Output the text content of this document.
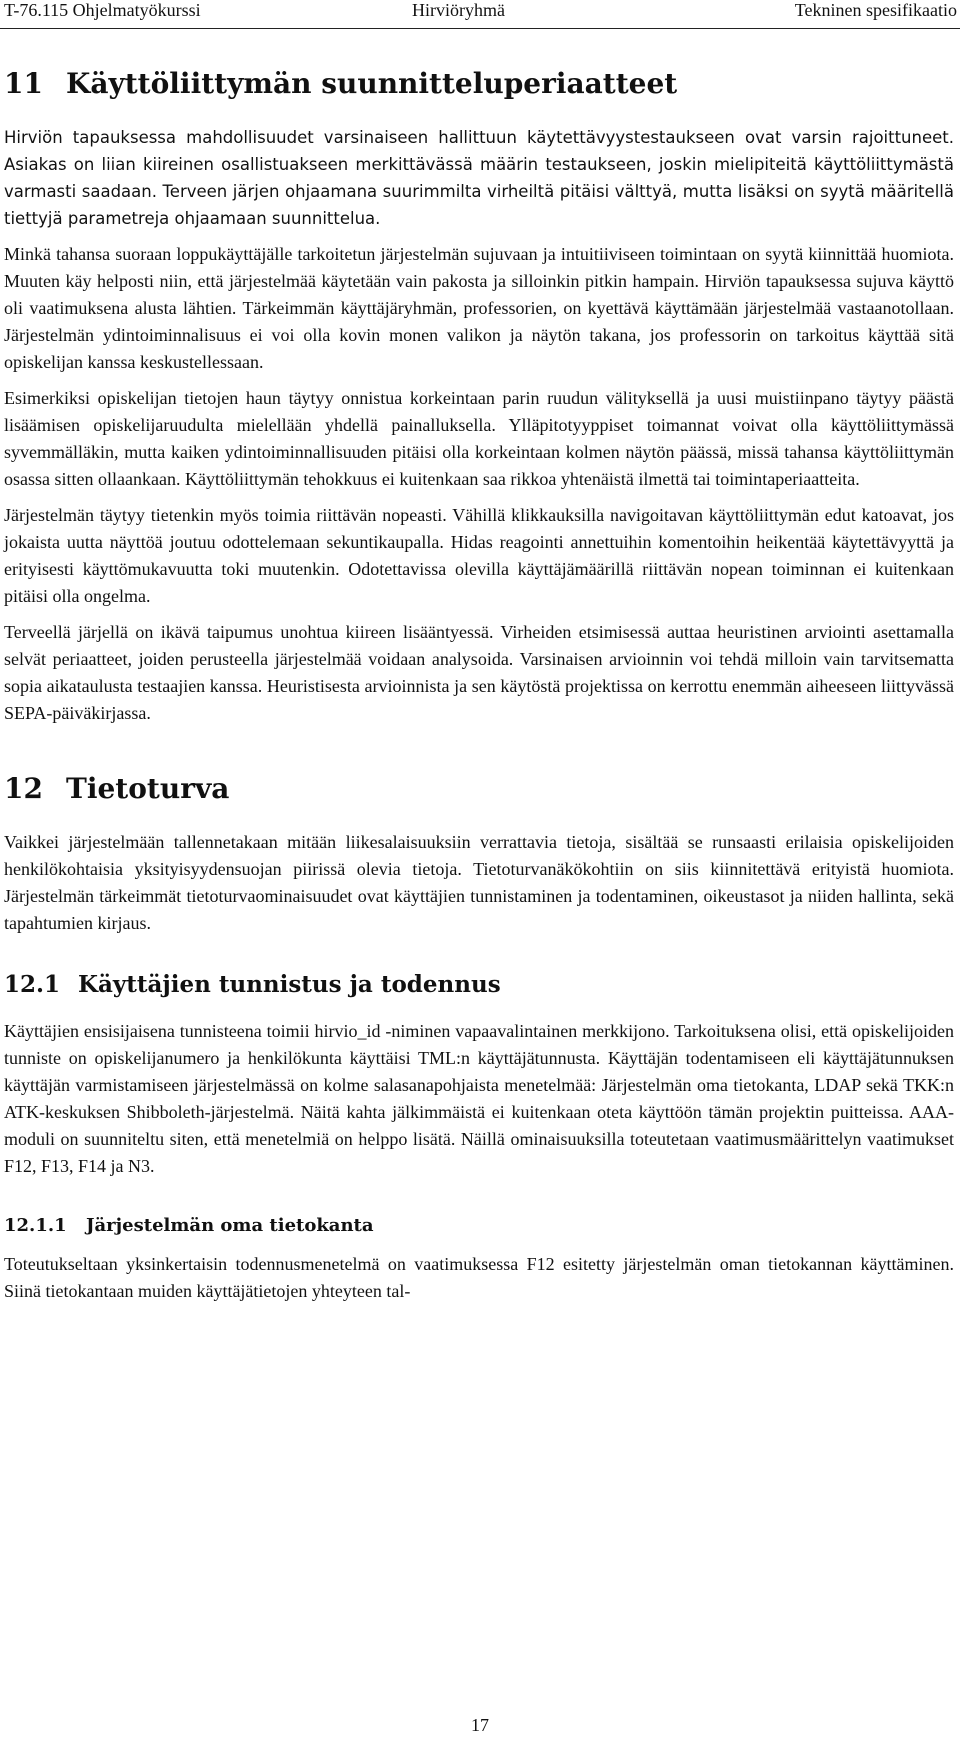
T-76.115 Ohjelmatyökurssi	Hirviöryhmä	Tekninen spesifikaatio
11 Käyttöliittymän suunnitteluperiaatteet

Hirviön tapauksessa mahdollisuudet varsinaiseen hallittuun käytettävyystestaukseen ovat varsin rajoittuneet. Asiakas on liian kiireinen osallistuakseen merkittävässä määrin testaukseen, joskin mielipiteitä käyttöliittymästä varmasti saadaan. Terveen järjen ohjaamana suurimmilta virheiltä pitäisi välttyä, mutta lisäksi on syytä määritellä tiettyjä parametreja ohjaamaan suunnittelua.

Minkä tahansa suoraan loppukäyttäjälle tarkoitetun järjestelmän sujuvaan ja intuitiiviseen toimintaan on syytä kiinnittää huomiota. Muuten käy helposti niin, että järjestelmää käytetään vain pakosta ja silloinkin pitkin hampain. Hirviön tapauksessa sujuva käyttö oli vaatimuksena alusta lähtien. Tärkeimmän käyttäjäryhmän, professorien, on kyettävä käyttämään järjestelmää vastaanotollaan. Järjestelmän ydintoiminnalisuus ei voi olla kovin monen valikon ja näytön takana, jos professorin on tarkoitus käyttää sitä opiskelijan kanssa keskustellessaan.

Esimerkiksi opiskelijan tietojen haun täytyy onnistua korkeintaan parin ruudun välityksellä ja uusi muistiinpano täytyy päästä lisäämisen opiskelijaruudulta mielellään yhdellä painalluksella. Ylläpitotyyppiset toimannat voivat olla käyttöliittymässä syvemmälläkin, mutta kaiken ydintoiminnallisuuden pitäisi olla korkeintaan kolmen näytön päässä, missä tahansa käyttöliittymän osassa sitten ollaankaan. Käyttöliittymän tehokkuus ei kuitenkaan saa rikkoa yhtenäistä ilmettä tai toimintaperiaatteita.

Järjestelmän täytyy tietenkin myös toimia riittävän nopeasti. Vähillä klikkauksilla navigoitavan käyttöliittymän edut katoavat, jos jokaista uutta näyttöä joutuu odottelemaan sekuntikaupalla. Hidas reagointi annettuihin komentoihin heikentää käytettävyyttä ja erityisesti käyttömukavuutta toki muutenkin. Odotettavissa olevilla käyttäjämäärillä riittävän nopean toiminnan ei kuitenkaan pitäisi olla ongelma.

Terveellä järjellä on ikävä taipumus unohtua kiireen lisääntyessä. Virheiden etsimisessä auttaa heuristinen arviointi asettamalla selvät periaatteet, joiden perusteella järjestelmää voidaan analysoida. Varsinaisen arvioinnin voi tehdä milloin vain tarvitsematta sopia aikataulusta testaajien kanssa. Heuristisesta arvioinnista ja sen käytöstä projektissa on kerrottu enemmän aiheeseen liittyvässä SEPA-päiväkirjassa.

12 Tietoturva

Vaikkei järjestelmään tallennetakaan mitään liikesalaisuuksiin verrattavia tietoja, sisältää se runsaasti erilaisia opiskelijoiden henkilökohtaisia yksityisyydensuojan piirissä olevia tietoja. Tietoturvanäkökohtiin on siis kiinnitettävä erityistä huomiota. Järjestelmän tärkeimmät tietoturvaominaisuudet ovat käyttäjien tunnistaminen ja todentaminen, oikeustasot ja niiden hallinta, sekä tapahtumien kirjaus.

12.1 Käyttäjien tunnistus ja todennus

Käyttäjien ensisijaisena tunnisteena toimii hirvio_id -niminen vapaavalintainen merkkijono. Tarkoituksena olisi, että opiskelijoiden tunniste on opiskelijanumero ja henkilökunta käyttäisi TML:n käyttäjätunnusta. Käyttäjän todentamiseen eli käyttäjätunnuksen käyttäjän varmistamiseen järjestelmässä on kolme salasanapohjaista menetelmää: Järjestelmän oma tietokanta, LDAP sekä TKK:n ATK-keskuksen Shibboleth-järjestelmä. Näitä kahta jälkimmäistä ei kuitenkaan oteta käyttöön tämän projektin puitteissa. AAA-moduli on suunniteltu siten, että menetelmiä on helppo lisätä. Näillä ominaisuuksilla toteutetaan vaatimusmäärittelyn vaatimukset F12, F13, F14 ja N3.

12.1.1 Järjestelmän oma tietokanta

Toteutukseltaan yksinkertaisin todennusmenetelmä on vaatimuksessa F12 esitetty järjestelmän oman tietokannan käyttäminen. Siinä tietokantaan muiden käyttäjätietojen yhteyteen tal-

17
